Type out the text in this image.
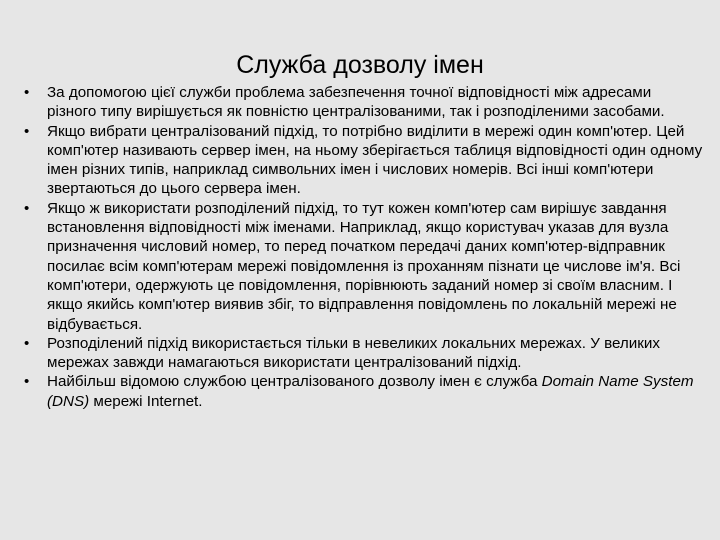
Служба дозволу імен
•	За допомогою цієї служби проблема забезпечення точної відповідності між адресами різного типу вирішується як повністю централізованими, так і розподіленими засобами.
•	Якщо вибрати централізований підхід, то потрібно виділити в мережі один комп'ютер. Цей комп'ютер називають сервер імен, на ньому зберігається таблиця відповідності один одному імен різних типів, наприклад символьних імен і числових номерів. Всі інші комп'ютери звертаються до цього сервера імен.
•	Якщо ж використати розподілений підхід, то тут кожен комп'ютер сам вирішує завдання встановлення відповідності між іменами. Наприклад, якщо користувач указав для вузла призначення числовий номер, то перед початком передачі даних комп'ютер-відправник посилає всім комп'ютерам мережі повідомлення із проханням пізнати це числове ім'я. Всі комп'ютери, одержують це повідомлення, порівнюють заданий номер зі своїм власним. І якщо якийсь комп'ютер виявив збіг, то відправлення повідомлень по локальній мережі не відбувається.
•	Розподілений підхід використається тільки в невеликих локальних мережах. У великих мережах завжди намагаються використати централізований підхід.
•	Найбільш відомою службою централізованого дозволу імен є служба Domain Name System (DNS) мережі Internet.
